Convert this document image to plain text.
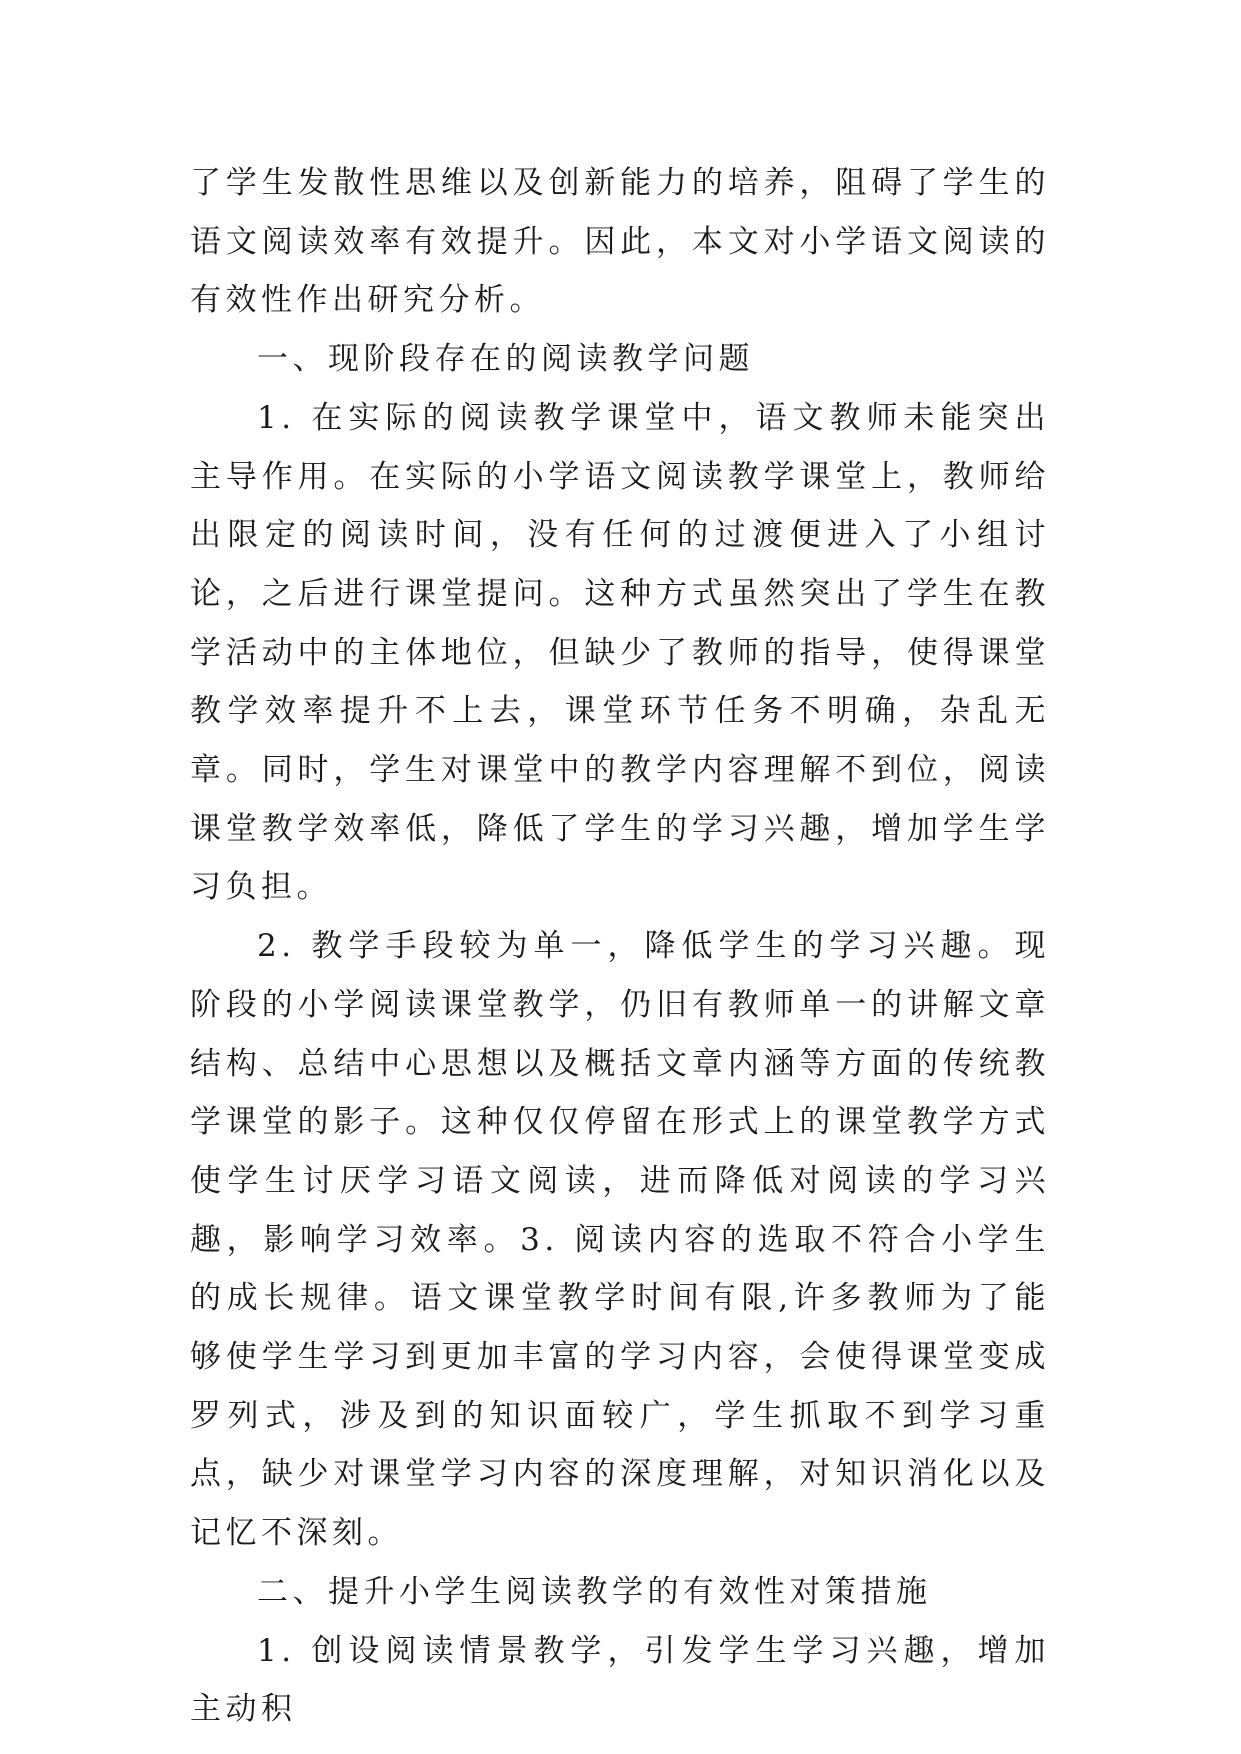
了学生发散性思维以及创新能力的培养，阻碍了学生的语文阅读效率有效提升。因此，本文对小学语文阅读的有效性作出研究分析。

一、现阶段存在的阅读教学问题

1. 在实际的阅读教学课堂中，语文教师未能突出主导作用。在实际的小学语文阅读教学课堂上，教师给出限定的阅读时间，没有任何的过渡便进入了小组讨论，之后进行课堂提问。这种方式虽然突出了学生在教学活动中的主体地位，但缺少了教师的指导，使得课堂教学效率提升不上去，课堂环节任务不明确，杂乱无章。同时，学生对课堂中的教学内容理解不到位，阅读课堂教学效率低，降低了学生的学习兴趣，增加学生学习负担。

2. 教学手段较为单一，降低学生的学习兴趣。现阶段的小学阅读课堂教学，仍旧有教师单一的讲解文章结构、总结中心思想以及概括文章内涵等方面的传统教学课堂的影子。这种仅仅停留在形式上的课堂教学方式使学生讨厌学习语文阅读，进而降低对阅读的学习兴趣，影响学习效率。3. 阅读内容的选取不符合小学生的成长规律。语文课堂教学时间有限,许多教师为了能够使学生学习到更加丰富的学习内容，会使得课堂变成罗列式，涉及到的知识面较广，学生抓取不到学习重点，缺少对课堂学习内容的深度理解，对知识消化以及记忆不深刻。

二、提升小学生阅读教学的有效性对策措施

1. 创设阅读情景教学，引发学生学习兴趣，增加主动积
